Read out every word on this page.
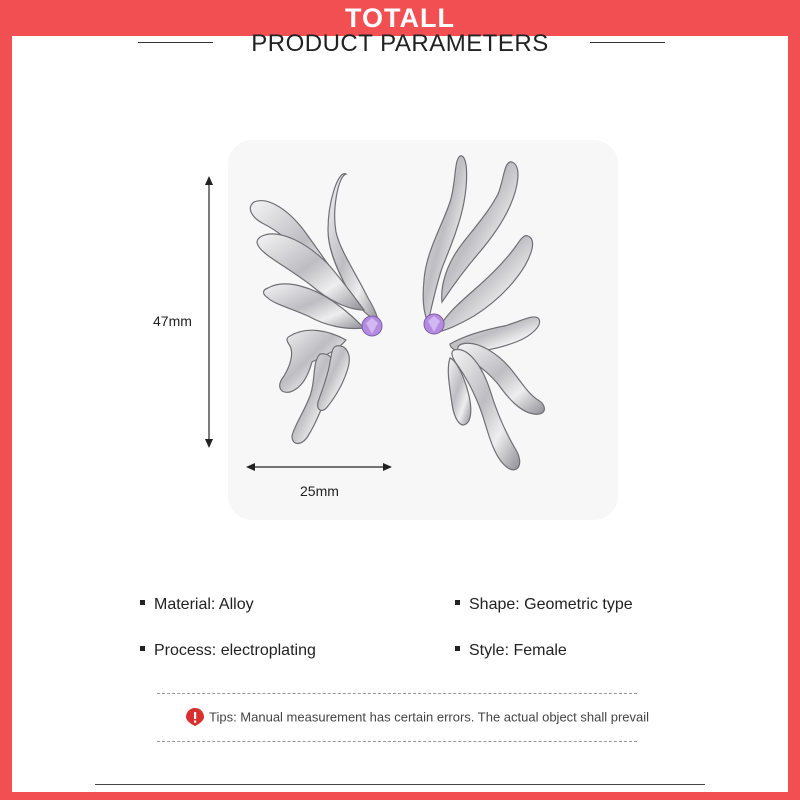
TOTALL
PRODUCT PARAMETERS
47mm
25mm
Material: Alloy	Shape: Geometric type
Process: electroplating	Style: Female
Tips: Manual measurement has certain errors. The actual object shall prevail
